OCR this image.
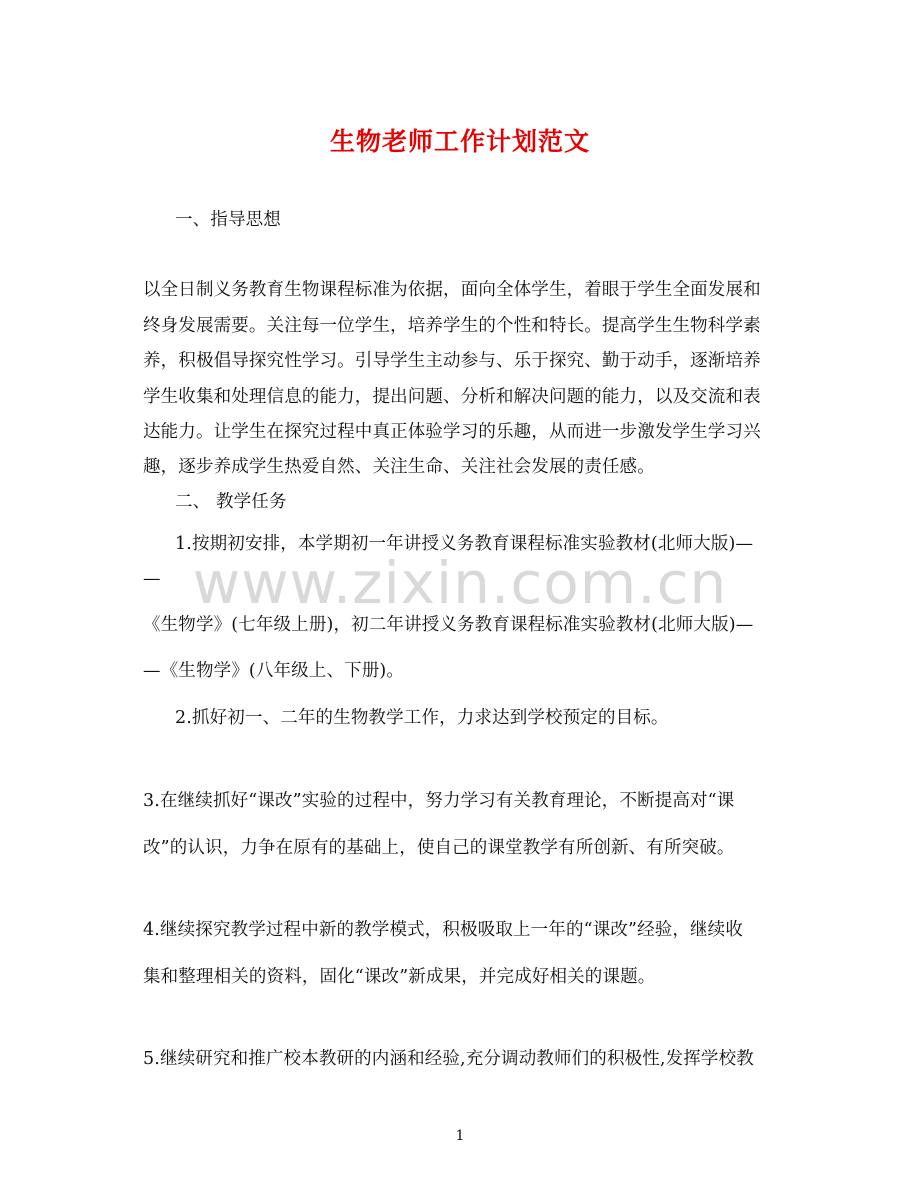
生物老师工作计划范文
一、指导思想
以全日制义务教育生物课程标准为依据，面向全体学生，着眼于学生全面发展和
终身发展需要。关注每一位学生，培养学生的个性和特长。提高学生生物科学素
养，积极倡导探究性学习。引导学生主动参与、乐于探究、勤于动手，逐渐培养
学生收集和处理信息的能力，提出问题、分析和解决问题的能力，以及交流和表
达能力。让学生在探究过程中真正体验学习的乐趣，从而进一步激发学生学习兴
趣，逐步养成学生热爱自然、关注生命、关注社会发展的责任感。
二、 教学任务
1.按期初安排，本学期初一年讲授义务教育课程标准实验教材(北师大版)—
—
《生物学》(七年级上册)，初二年讲授义务教育课程标准实验教材(北师大版)—
—《生物学》(八年级上、下册)。
2.抓好初一、二年的生物教学工作，力求达到学校预定的目标。
3.在继续抓好“课改”实验的过程中，努力学习有关教育理论，不断提高对“课
改”的认识，力争在原有的基础上，使自己的课堂教学有所创新、有所突破。
4.继续探究教学过程中新的教学模式，积极吸取上一年的“课改”经验，继续收
集和整理相关的资料，固化“课改”新成果，并完成好相关的课题。
5.继续研究和推广校本教研的内涵和经验,充分调动教师们的积极性,发挥学校教
www.zixin.com.cn
1
